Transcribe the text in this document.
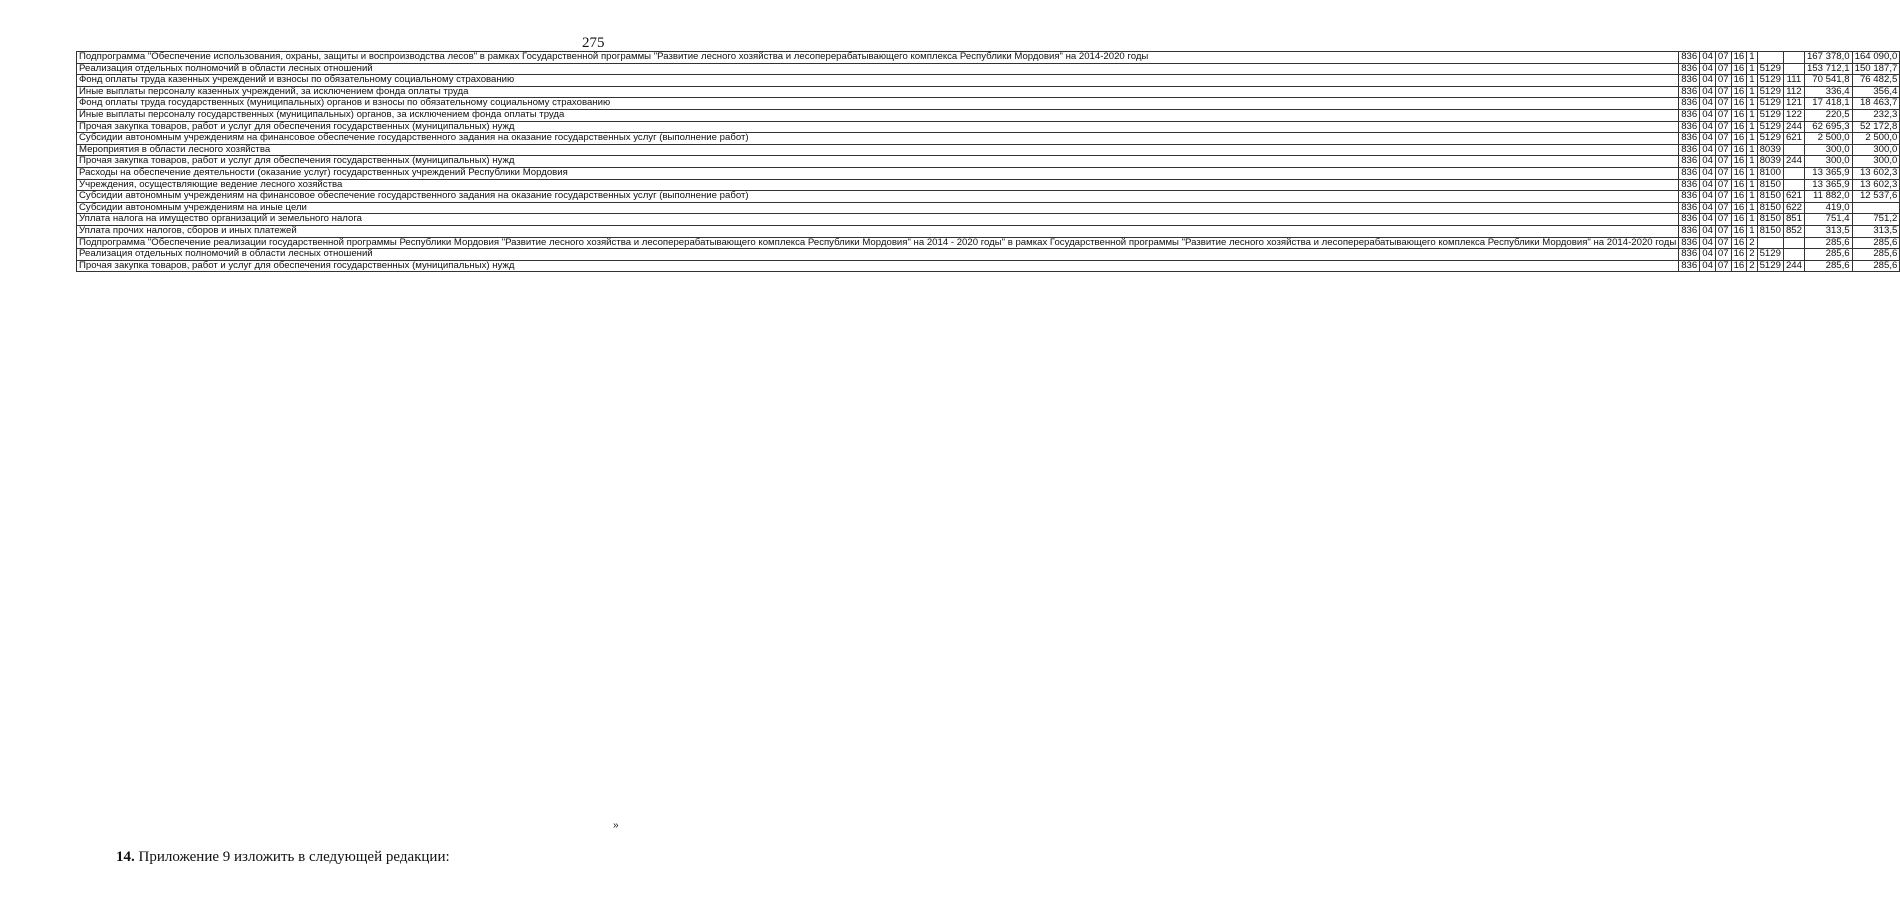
275
Подпрограмма "Обеспечение использования, охраны, защиты и воспроизводства лесов" в рамках Государственной программы "Развитие лесного хозяйства и лесоперерабатывающего комплекса Республики Мордовия" на 2014-2020 годы	836	04	07	16	1			167 378,0	164 090,0
Реализация отдельных полномочий в области лесных отношений	836	04	07	16	1	5129		153 712,1	150 187,7
Фонд оплаты труда казенных учреждений и взносы по обязательному социальному страхованию	836	04	07	16	1	5129	111	70 541,8	76 482,5
Иные выплаты персоналу казенных учреждений, за исключением фонда оплаты труда	836	04	07	16	1	5129	112	336,4	356,4
Фонд оплаты труда государственных (муниципальных) органов и взносы по обязательному социальному страхованию	836	04	07	16	1	5129	121	17 418,1	18 463,7
Иные выплаты персоналу государственных (муниципальных) органов, за исключением фонда оплаты труда	836	04	07	16	1	5129	122	220,5	232,3
Прочая закупка товаров, работ и услуг для обеспечения государственных (муниципальных) нужд	836	04	07	16	1	5129	244	62 695,3	52 172,8
Субсидии автономным учреждениям на финансовое обеспечение государственного задания на оказание государственных услуг (выполнение работ)	836	04	07	16	1	5129	621	2 500,0	2 500,0
Мероприятия в области лесного хозяйства	836	04	07	16	1	8039		300,0	300,0
Прочая закупка товаров, работ и услуг для обеспечения государственных (муниципальных) нужд	836	04	07	16	1	8039	244	300,0	300,0
Расходы на обеспечение деятельности (оказание услуг) государственных учреждений Республики Мордовия	836	04	07	16	1	8100		13 365,9	13 602,3
Учреждения, осуществляющие ведение лесного хозяйства	836	04	07	16	1	8150		13 365,9	13 602,3
Субсидии автономным учреждениям на финансовое обеспечение государственного задания на оказание государственных услуг (выполнение работ)	836	04	07	16	1	8150	621	11 882,0	12 537,6
Субсидии автономным учреждениям на иные цели	836	04	07	16	1	8150	622	419,0	
Уплата налога на имущество организаций и земельного налога	836	04	07	16	1	8150	851	751,4	751,2
Уплата прочих налогов, сборов и иных платежей	836	04	07	16	1	8150	852	313,5	313,5
Подпрограмма "Обеспечение реализации государственной программы Республики Мордовия "Развитие лесного хозяйства и лесоперерабатывающего комплекса Республики Мордовия" на 2014 - 2020 годы" в рамках Государственной программы "Развитие лесного хозяйства и лесоперерабатывающего комплекса Республики Мордовия" на 2014-2020 годы	836	04	07	16	2			285,6	285,6
Реализация отдельных полномочий в области лесных отношений	836	04	07	16	2	5129		285,6	285,6
Прочая закупка товаров, работ и услуг для обеспечения государственных (муниципальных) нужд	836	04	07	16	2	5129	244	285,6	285,6
»
14. Приложение 9 изложить в следующей редакции:
